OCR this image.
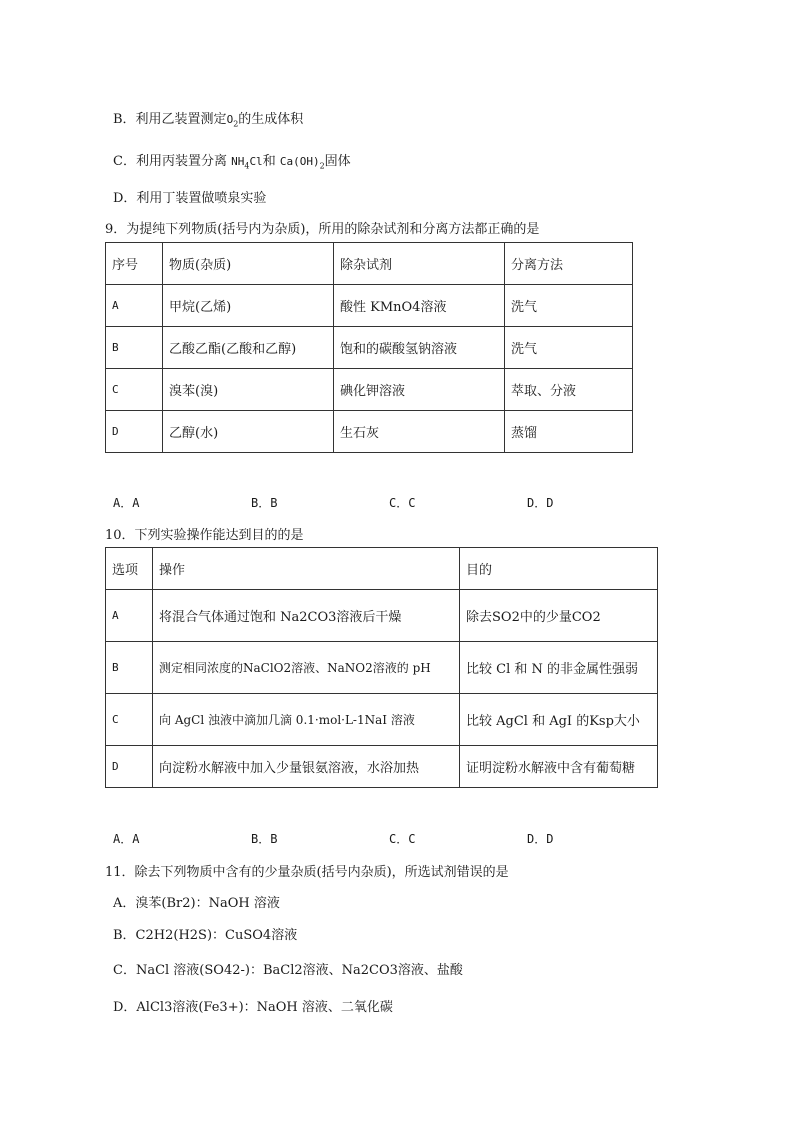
B．利用乙装置测定$O_2$的生成体积
C．利用丙装置分离 $NH_4Cl$和 $Ca(OH)_2$固体
D．利用丁装置做喷泉实验
9．为提纯下列物质(括号内为杂质)，所用的除杂试剂和分离方法都正确的是
序号	物质(杂质)	除杂试剂	分离方法
A	甲烷(乙烯)	酸性 KMnO4溶液	洗气
B	乙酸乙酯(乙酸和乙醇)	饱和的碳酸氢钠溶液	洗气
C	溴苯(溴)	碘化钾溶液	萃取、分液
D	乙醇(水)	生石灰	蒸馏
A．A	B．B	C．C	D．D
10．下列实验操作能达到目的的是
选项	操作	目的
A	将混合气体通过饱和 Na2CO3溶液后干燥	除去SO2中的少量CO2
B	测定相同浓度的NaClO2溶液、NaNO2溶液的 pH	比较 Cl 和 N 的非金属性强弱
C	向 AgCl 浊液中滴加几滴 0.1·mol·L-1NaI 溶液	比较 AgCl 和 AgI 的Ksp大小
D	向淀粉水解液中加入少量银氨溶液，水浴加热	证明淀粉水解液中含有葡萄糖
A．A	B．B	C．C	D．D
11．除去下列物质中含有的少量杂质(括号内杂质)，所选试剂错误的是
A．溴苯(Br2)：NaOH 溶液
B．C2H2(H2S)：CuSO4溶液
C．NaCl 溶液(SO42-)：BaCl2溶液、Na2CO3溶液、盐酸
D．AlCl3溶液(Fe3+)：NaOH 溶液、二氧化碳
